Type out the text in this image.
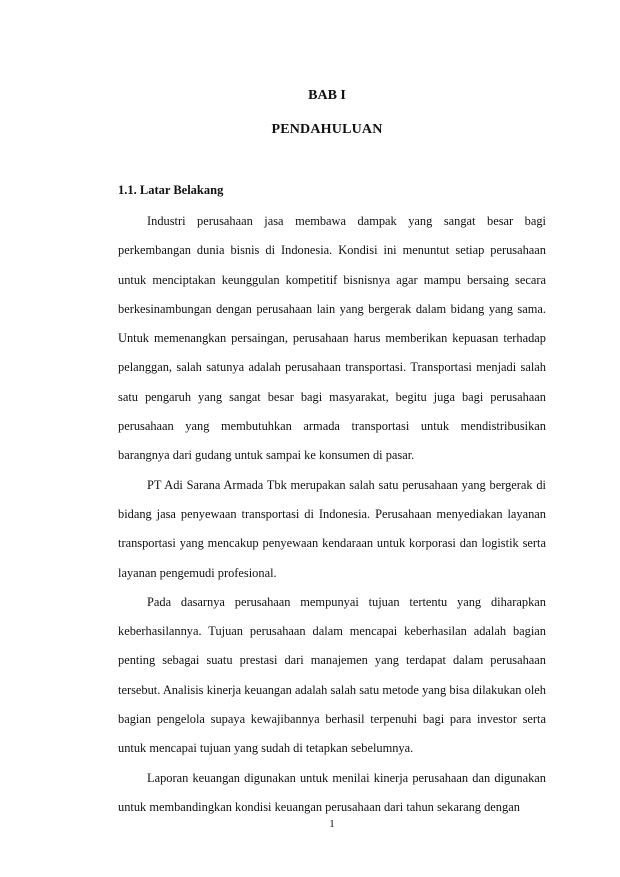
BAB I
PENDAHULUAN
1.1. Latar Belakang

Industri perusahaan jasa membawa dampak yang sangat besar bagi perkembangan dunia bisnis di Indonesia. Kondisi ini menuntut setiap perusahaan untuk menciptakan keunggulan kompetitif bisnisnya agar mampu bersaing secara berkesinambungan dengan perusahaan lain yang bergerak dalam bidang yang sama. Untuk memenangkan persaingan, perusahaan harus memberikan kepuasan terhadap pelanggan, salah satunya adalah perusahaan transportasi. Transportasi menjadi salah satu pengaruh yang sangat besar bagi masyarakat, begitu juga bagi perusahaan perusahaan yang membutuhkan armada transportasi untuk mendistribusikan barangnya dari gudang untuk sampai ke konsumen di pasar.

PT Adi Sarana Armada Tbk merupakan salah satu perusahaan yang bergerak di bidang jasa penyewaan transportasi di Indonesia. Perusahaan menyediakan layanan transportasi yang mencakup penyewaan kendaraan untuk korporasi dan logistik serta layanan pengemudi profesional.

Pada dasarnya perusahaan mempunyai tujuan tertentu yang diharapkan keberhasilannya. Tujuan perusahaan dalam mencapai keberhasilan adalah bagian penting sebagai suatu prestasi dari manajemen yang terdapat dalam perusahaan tersebut. Analisis kinerja keuangan adalah salah satu metode yang bisa dilakukan oleh bagian pengelola supaya kewajibannya berhasil terpenuhi bagi para investor serta untuk mencapai tujuan yang sudah di tetapkan sebelumnya.

Laporan keuangan digunakan untuk menilai kinerja perusahaan dan digunakan untuk membandingkan kondisi keuangan perusahaan dari tahun sekarang dengan

1
